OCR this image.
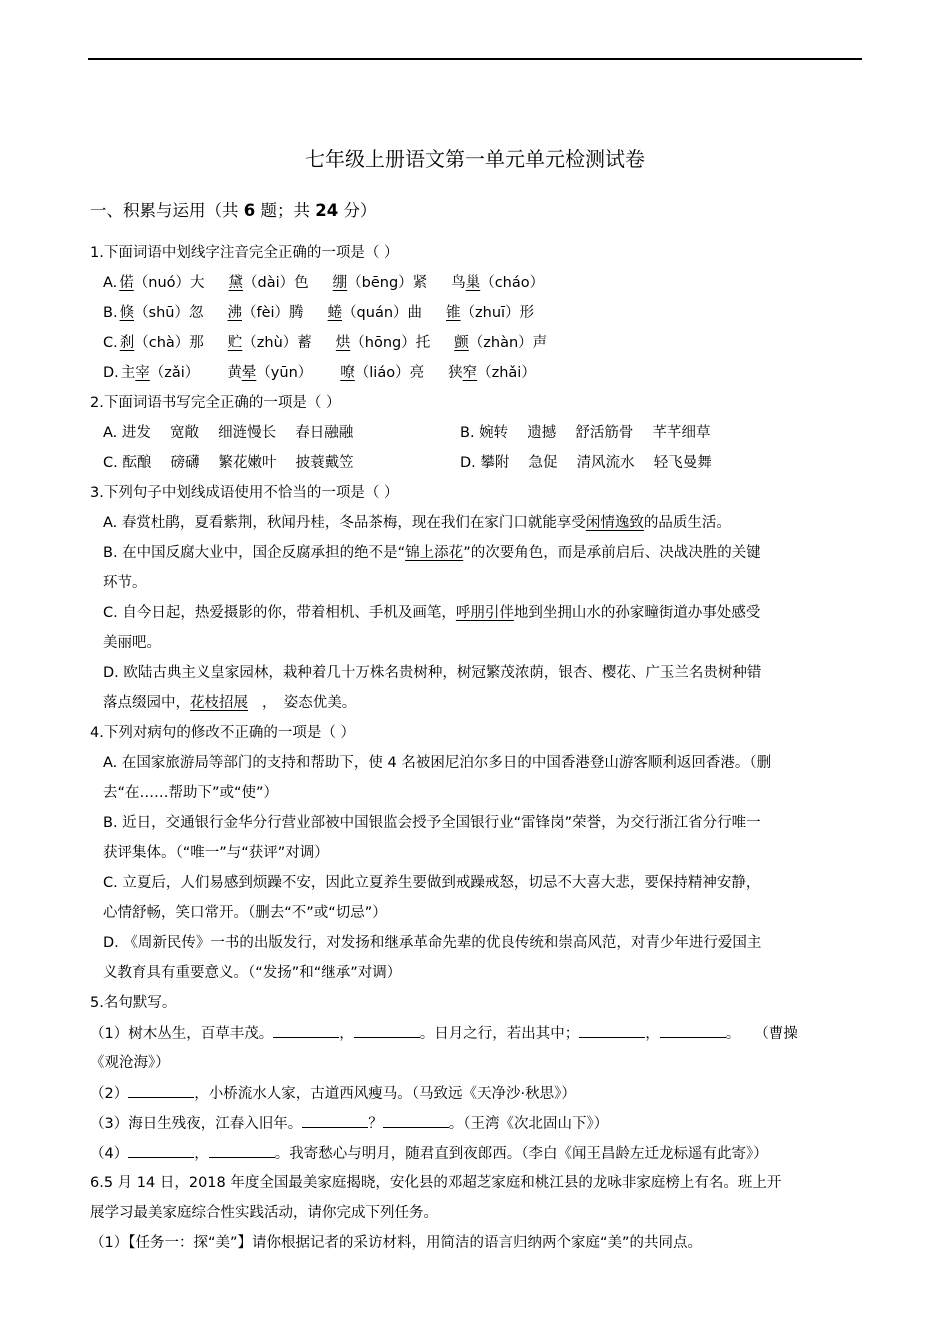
七年级上册语文第一单元单元检测试卷
一、积累与运用（共 6 题；共 24 分）
1.下面词语中划线字注音完全正确的一项是（ ）
A. 偌（nuó）大 黛（dài）色 绷（bēng）紧 鸟巢（cháo）
B. 倏（shū）忽 沸（fèi）腾 蜷（quán）曲 锥（zhuī）形
C. 刹（chà）那 贮（zhù）蓄 烘（hōng）托 颤（zhàn）声
D. 主宰（zǎi） 黄晕（yūn） 嘹（liáo）亮 狭窄（zhǎi）
2.下面词语书写完全正确的一项是（ ）
A. 进发　 宽敞　 细涟慢长　 春日融融	B. 婉转　 遗撼　 舒活筋骨　 芊芊细草
C. 酝酿　 磅礴　 繁花嫩叶　 披蓑戴笠	D. 攀附　 急促　 清风流水　 轻飞曼舞
3.下列句子中划线成语使用不恰当的一项是（ ）
A. 春赏杜鹃，夏看紫荆，秋闻丹桂，冬品茶梅，现在我们在家门口就能享受闲情逸致的品质生活。
B. 在中国反腐大业中，国企反腐承担的绝不是“锦上添花”的次要角色，而是承前启后、决战决胜的关键
环节。
C. 自今日起，热爱摄影的你，带着相机、手机及画笔，呼朋引伴地到坐拥山水的孙家疃街道办事处感受
美丽吧。
D. 欧陆古典主义皇家园林，栽种着几十万株名贵树种，树冠繁茂浓荫，银杏、樱花、广玉兰名贵树种错
落点缀园中，花枝招展 ，　姿态优美。
4.下列对病句的修改不正确的一项是（ ）
A. 在国家旅游局等部门的支持和帮助下，使 4 名被困尼泊尔多日的中国香港登山游客顺利返回香港。（删
去“在……帮助下”或“使”）
B. 近日，交通银行金华分行营业部被中国银监会授予全国银行业“雷锋岗”荣誉，为交行浙江省分行唯一
获评集体。（“唯一”与“获评”对调）
C. 立夏后，人们易感到烦躁不安，因此立夏养生要做到戒躁戒怒，切忌不大喜大悲，要保持精神安静，
心情舒畅，笑口常开。（删去“不”或“切忌”）
D. 《周新民传》一书的出版发行，对发扬和继承革命先辈的优良传统和崇高风范，对青少年进行爱国主
义教育具有重要意义。（“发扬”和“继承”对调）
5.名句默写。
（1）树木丛生，百草丰茂。	，	。日月之行，若出其中；	，	。 （曹操
《观沧海》）
（2）	，小桥流水人家，古道西风瘦马。（马致远《天净沙·秋思》）
（3）海日生残夜，江春入旧年。	？	。（王湾《次北固山下》）
（4）	，	。我寄愁心与明月，随君直到夜郎西。（李白《闻王昌龄左迁龙标遥有此寄》）
6.5 月 14 日，2018 年度全国最美家庭揭晓，安化县的邓超芝家庭和桃江县的龙咏非家庭榜上有名。班上开
展学习最美家庭综合性实践活动，请你完成下列任务。
（1）【任务一：探“美”】请你根据记者的采访材料，用简洁的语言归纳两个家庭“美”的共同点。
